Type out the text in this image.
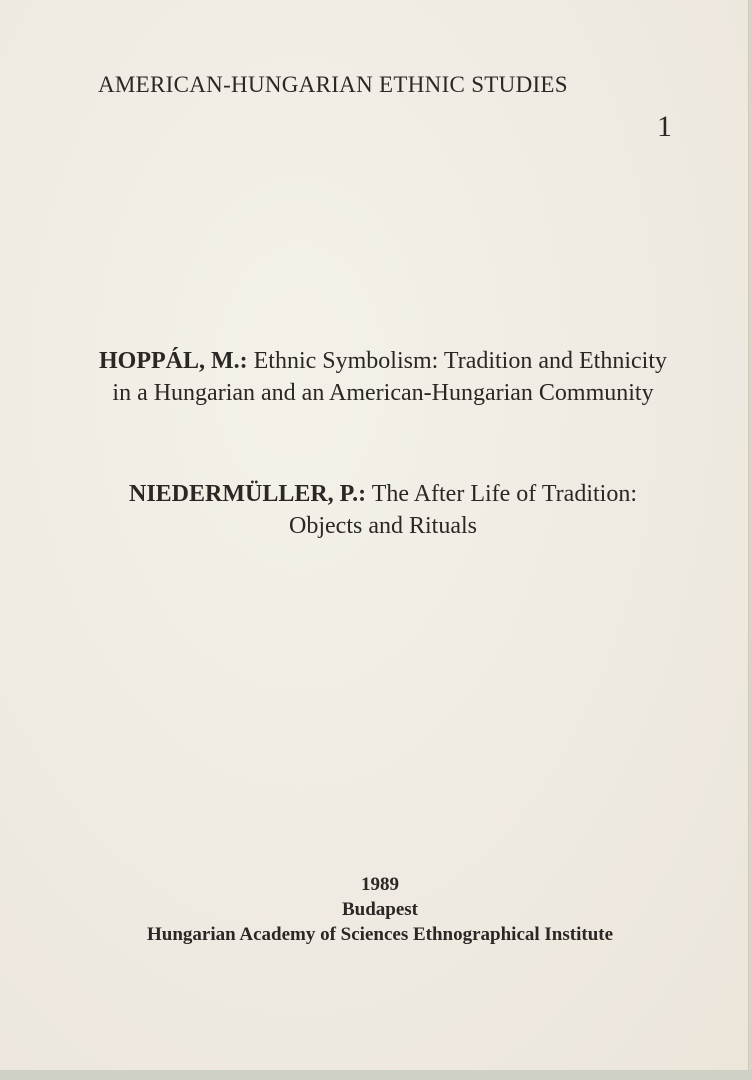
AMERICAN-HUNGARIAN ETHNIC STUDIES
1
HOPPÁL, M.: Ethnic Symbolism: Tradition and Ethnicity in a Hungarian and an American-Hungarian Community
NIEDERMÜLLER, P.: The After Life of Tradition: Objects and Rituals
1989
Budapest
Hungarian Academy of Sciences Ethnographical Institute
